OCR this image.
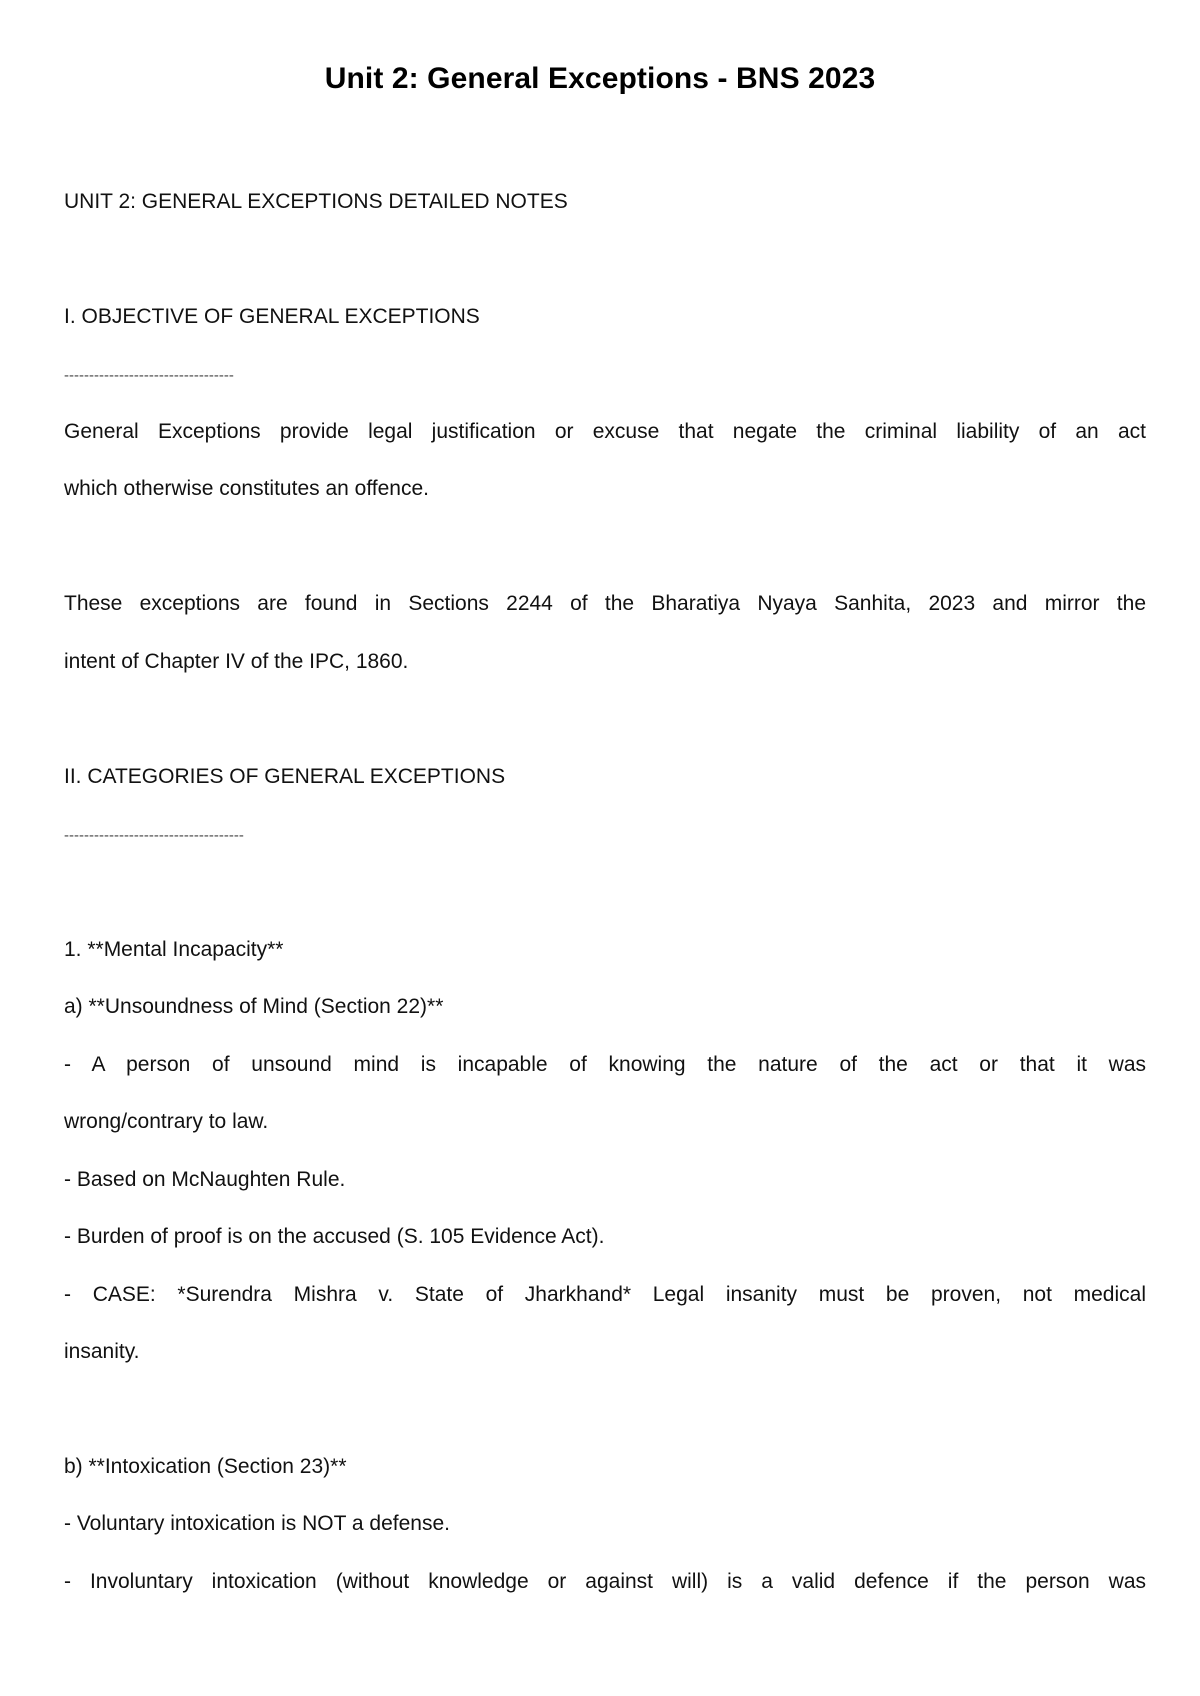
Unit 2: General Exceptions - BNS 2023
UNIT 2: GENERAL EXCEPTIONS DETAILED NOTES
I. OBJECTIVE OF GENERAL EXCEPTIONS
----------------------------------
General Exceptions provide legal justification or excuse that negate the criminal liability of an act
which otherwise constitutes an offence.
These exceptions are found in Sections 2244 of the Bharatiya Nyaya Sanhita, 2023 and mirror the
intent of Chapter IV of the IPC, 1860.
II. CATEGORIES OF GENERAL EXCEPTIONS
------------------------------------
1. **Mental Incapacity**
a) **Unsoundness of Mind (Section 22)**
- A person of unsound mind is incapable of knowing the nature of the act or that it was
wrong/contrary to law.
- Based on McNaughten Rule.
- Burden of proof is on the accused (S. 105 Evidence Act).
- CASE: *Surendra Mishra v. State of Jharkhand* Legal insanity must be proven, not medical
insanity.
b) **Intoxication (Section 23)**
- Voluntary intoxication is NOT a defense.
- Involuntary intoxication (without knowledge or against will) is a valid defence if the person was
